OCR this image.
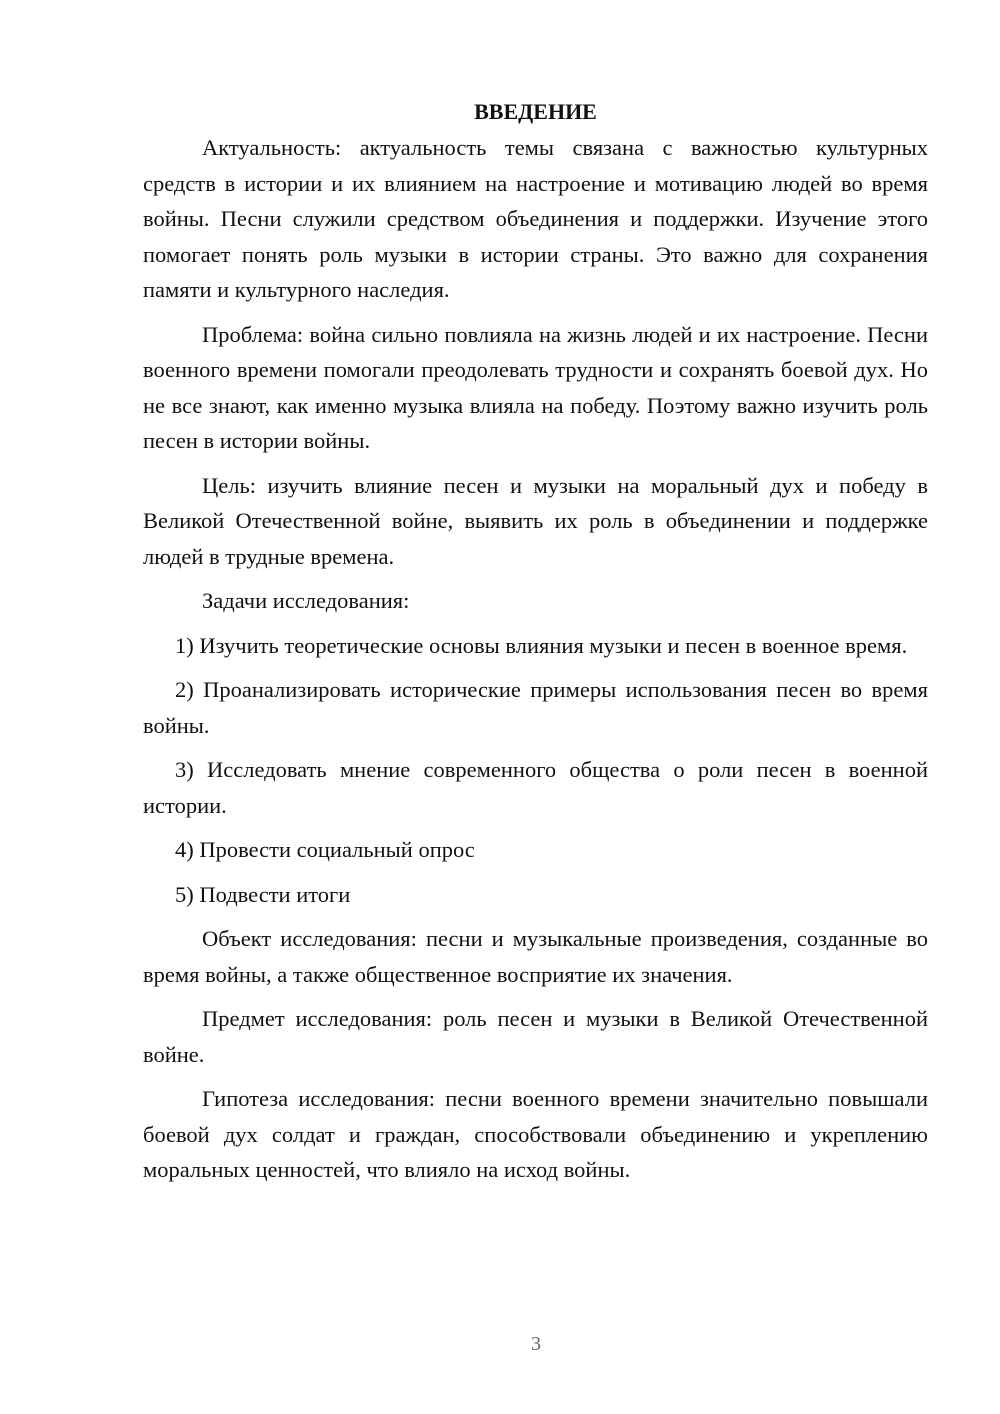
ВВЕДЕНИЕ

Актуальность: актуальность темы связана с важностью культурных средств в истории и их влиянием на настроение и мотивацию людей во время войны. Песни служили средством объединения и поддержки. Изучение этого помогает понять роль музыки в истории страны. Это важно для сохранения памяти и культурного наследия.

Проблема: война сильно повлияла на жизнь людей и их настроение. Песни военного времени помогали преодолевать трудности и сохранять боевой дух. Но не все знают, как именно музыка влияла на победу. Поэтому важно изучить роль песен в истории войны.

Цель: изучить влияние песен и музыки на моральный дух и победу в Великой Отечественной войне, выявить их роль в объединении и поддержке людей в трудные времена.

Задачи исследования:

1) Изучить теоретические основы влияния музыки и песен в военное время.

2) Проанализировать исторические примеры использования песен во время войны.

3) Исследовать мнение современного общества о роли песен в военной истории.

4) Провести социальный опрос

5) Подвести итоги

Объект исследования: песни и музыкальные произведения, созданные во время войны, а также общественное восприятие их значения.

Предмет исследования: роль песен и музыки в Великой Отечественной войне.

Гипотеза исследования: песни военного времени значительно повышали боевой дух солдат и граждан, способствовали объединению и укреплению моральных ценностей, что влияло на исход войны.

3
